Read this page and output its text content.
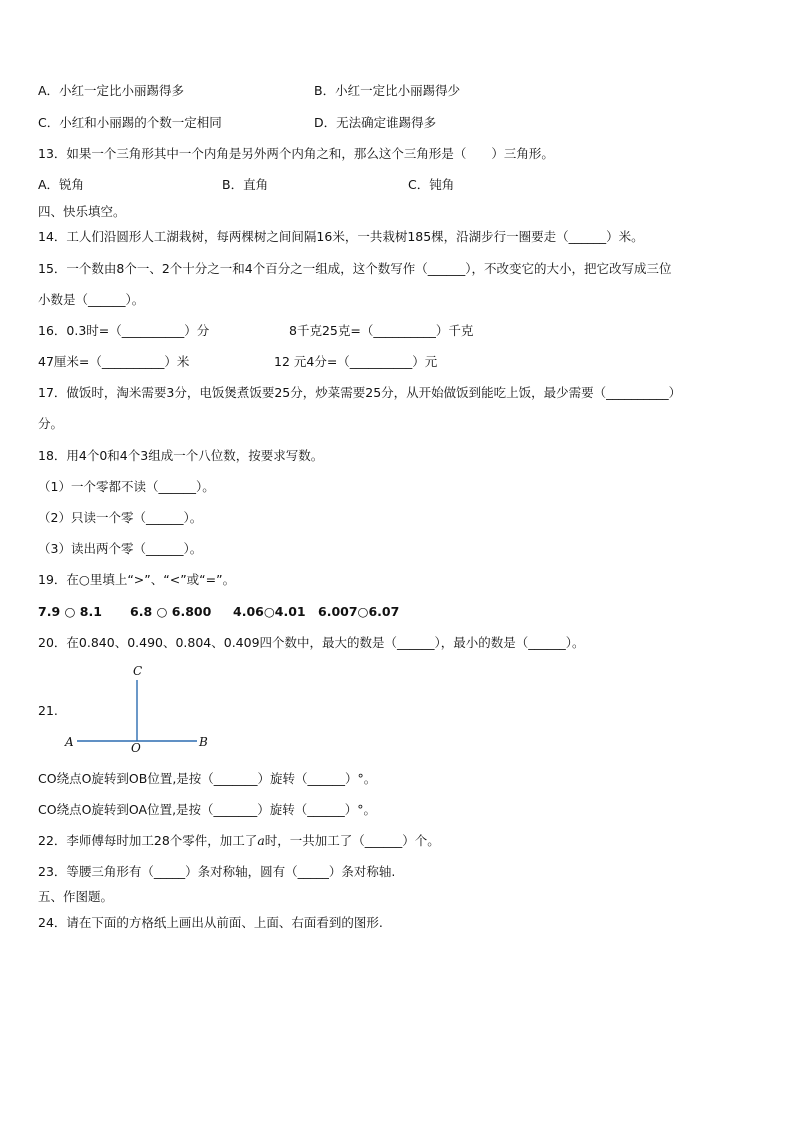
A．小红一定比小丽踢得多	B．小红一定比小丽踢得少
C．小红和小丽踢的个数一定相同	D．无法确定谁踢得多
13．如果一个三角形其中一个内角是另外两个内角之和，那么这个三角形是（　　）三角形。
A．锐角	B．直角	C．钝角
四、快乐填空。
14．工人们沿圆形人工湖栽树，每两棵树之间间隔16米，一共栽树185棵，沿湖步行一圈要走（______）米。
15．一个数由8个一、2个十分之一和4个百分之一组成，这个数写作（______），不改变它的大小，把它改写成三位
小数是（______）。
16．0.3时=（__________）分	8千克25克=（__________）千克
47厘米=（__________）米	12 元4分=（__________）元
17．做饭时，淘米需要3分，电饭煲煮饭要25分，炒菜需要25分，从开始做饭到能吃上饭，最少需要（__________）
分。
18．用4个0和4个3组成一个八位数，按要求写数。
（1）一个零都不读（______）。
（2）只读一个零（______）。
（3）读出两个零（______）。
19．在○里填上“>”、“<”或“=”。
7.9 ○ 8.1 6.8 ○ 6.800 4.06○4.01 6.007○6.07
20．在0.840、0.490、0.804、0.409四个数中，最大的数是（______），最小的数是（______）。
21.
C
A	O	B
CO绕点O旋转到OB位置,是按（_______）旋转（______）°。
CO绕点O旋转到OA位置,是按（_______）旋转（______）°。
22．李师傅每时加工28个零件，加工了a时，一共加工了（______）个。
23．等腰三角形有（_____）条对称轴，圆有（_____）条对称轴.
五、作图题。
24．请在下面的方格纸上画出从前面、上面、右面看到的图形.
